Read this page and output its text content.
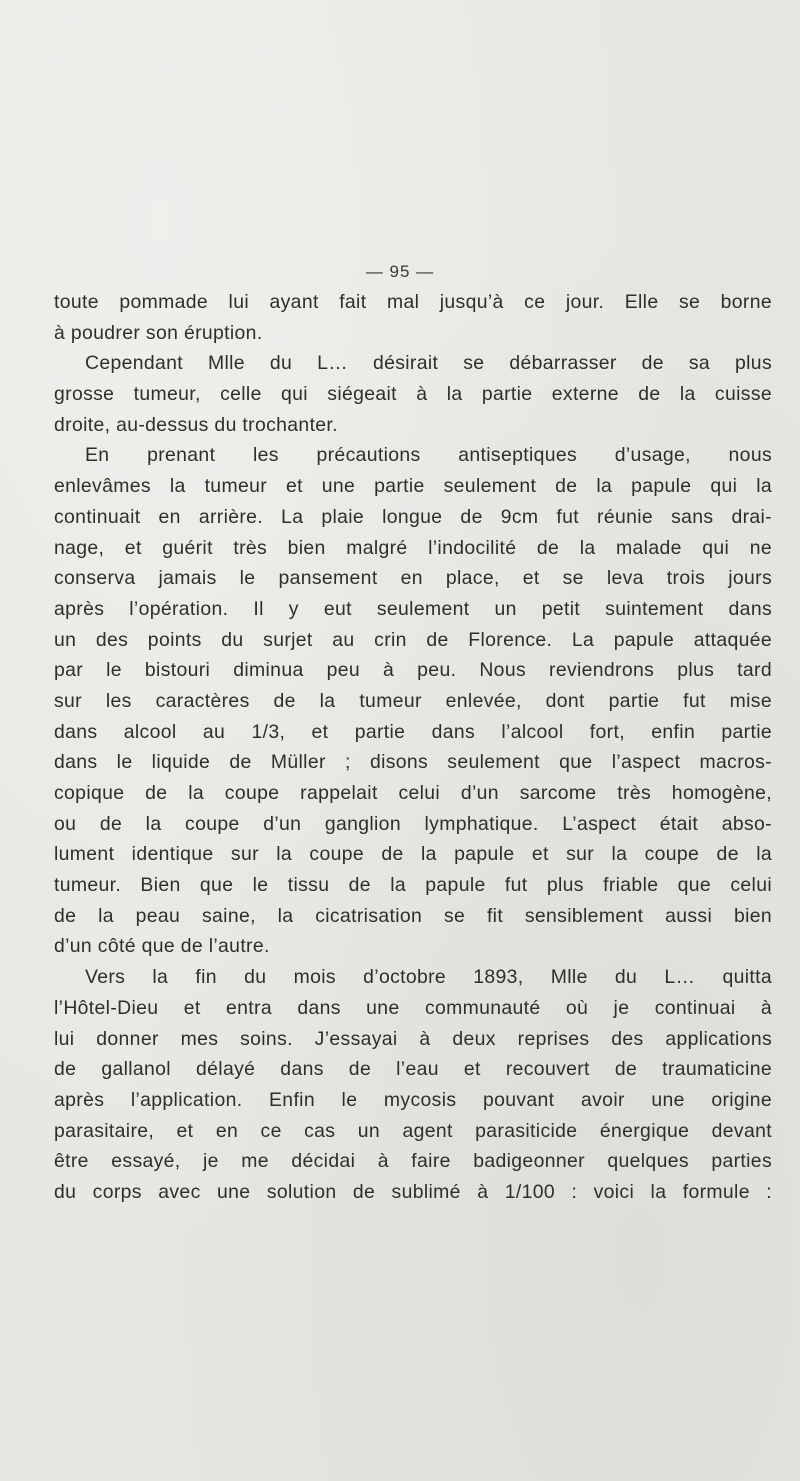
— 95 —
toute pommade lui ayant fait mal jusqu’à ce jour. Elle se borne
à poudrer son éruption.
Cependant Mlle du L… désirait se débarrasser de sa plus
grosse tumeur, celle qui siégeait à la partie externe de la cuisse
droite, au-dessus du trochanter.
En prenant les précautions antiseptiques d’usage, nous
enlevâmes la tumeur et une partie seulement de la papule qui la
continuait en arrière. La plaie longue de 9cm fut réunie sans drai-
nage, et guérit très bien malgré l’indocilité de la malade qui ne
conserva jamais le pansement en place, et se leva trois jours
après l’opération. Il y eut seulement un petit suintement dans
un des points du surjet au crin de Florence. La papule attaquée
par le bistouri diminua peu à peu. Nous reviendrons plus tard
sur les caractères de la tumeur enlevée, dont partie fut mise
dans alcool au 1/3, et partie dans l’alcool fort, enfin partie
dans le liquide de Müller ; disons seulement que l’aspect macros-
copique de la coupe rappelait celui d’un sarcome très homogène,
ou de la coupe d’un ganglion lymphatique. L’aspect était abso-
lument identique sur la coupe de la papule et sur la coupe de la
tumeur. Bien que le tissu de la papule fut plus friable que celui
de la peau saine, la cicatrisation se fit sensiblement aussi bien
d’un côté que de l’autre.
Vers la fin du mois d’octobre 1893, Mlle du L… quitta
l’Hôtel-Dieu et entra dans une communauté où je continuai à
lui donner mes soins. J’essayai à deux reprises des applications
de gallanol délayé dans de l’eau et recouvert de traumaticine
après l’application. Enfin le mycosis pouvant avoir une origine
parasitaire, et en ce cas un agent parasiticide énergique devant
être essayé, je me décidai à faire badigeonner quelques parties
du corps avec une solution de sublimé à 1/100 : voici la formule :
